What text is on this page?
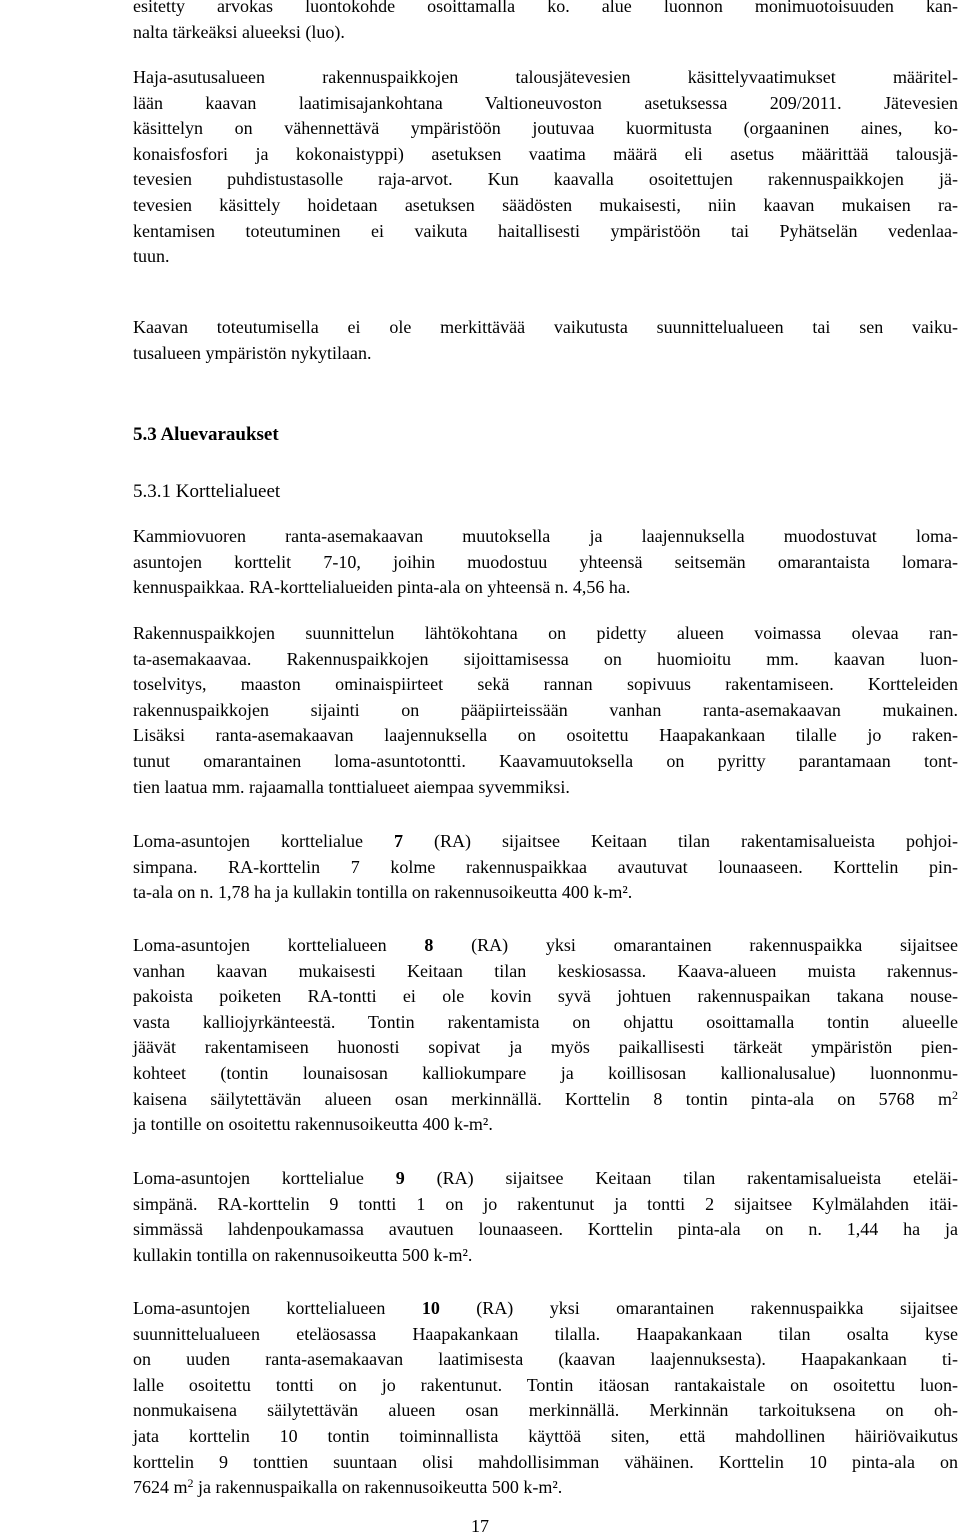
esitetty arvokas luontokohde osoittamalla ko. alue luonnon monimuotoisuuden kan-
nalta tärkeäksi alueeksi (luo).

Haja-asutusalueen rakennuspaikkojen talousjätevesien käsittelyvaatimukset määritel-
lään kaavan laatimisajankohtana Valtioneuvoston asetuksessa 209/2011. Jätevesien
käsittelyn on vähennettävä ympäristöön joutuvaa kuormitusta (orgaaninen aines, ko-
konaisfosfori ja kokonaistyppi) asetuksen vaatima määrä eli asetus määrittää talousjä-
tevesien puhdistustasolle raja-arvot. Kun kaavalla osoitettujen rakennuspaikkojen jä-
tevesien käsittely hoidetaan asetuksen säädösten mukaisesti, niin kaavan mukaisen ra-
kentamisen toteutuminen ei vaikuta haitallisesti ympäristöön tai Pyhätselän vedenlaa-
tuun.

Kaavan toteutumisella ei ole merkittävää vaikutusta suunnittelualueen tai sen vaiku-
tusalueen ympäristön nykytilaan.

5.3 Aluevaraukset
5.3.1 Korttelialueet

Kammiovuoren ranta-asemakaavan muutoksella ja laajennuksella muodostuvat loma-
asuntojen korttelit 7-10, joihin muodostuu yhteensä seitsemän omarantaista lomara-
kennuspaikkaa. RA-korttelialueiden pinta-ala on yhteensä n. 4,56 ha.

Rakennuspaikkojen suunnittelun lähtökohtana on pidetty alueen voimassa olevaa ran-
ta-asemakaavaa. Rakennuspaikkojen sijoittamisessa on huomioitu mm. kaavan luon-
toselvitys, maaston ominaispiirteet sekä rannan sopivuus rakentamiseen. Kortteleiden
rakennuspaikkojen sijainti on pääpiirteissään vanhan ranta-asemakaavan mukainen.
Lisäksi ranta-asemakaavan laajennuksella on osoitettu Haapakankaan tilalle jo raken-
tunut omarantainen loma-asuntotontti. Kaavamuutoksella on pyritty parantamaan tont-
tien laatua mm. rajaamalla tonttialueet aiempaa syvemmiksi.

Loma-asuntojen korttelialue 7 (RA) sijaitsee Keitaan tilan rakentamisalueista pohjoi-
simpana. RA-korttelin 7 kolme rakennuspaikkaa avautuvat lounaaseen. Korttelin pin-
ta-ala on n. 1,78 ha ja kullakin tontilla on rakennusoikeutta 400 k-m².

Loma-asuntojen korttelialueen 8 (RA) yksi omarantainen rakennuspaikka sijaitsee
vanhan kaavan mukaisesti Keitaan tilan keskiosassa. Kaava-alueen muista rakennus-
pakoista poiketen RA-tontti ei ole kovin syvä johtuen rakennuspaikan takana nouse-
vasta kalliojyrkänteestä. Tontin rakentamista on ohjattu osoittamalla tontin alueelle
jäävät rakentamiseen huonosti sopivat ja myös paikallisesti tärkeät ympäristön pien-
kohteet (tontin lounaisosan kalliokumpare ja koillisosan kallionalusalue) luonnonmu-
kaisena säilytettävän alueen osan merkinnällä. Korttelin 8 tontin pinta-ala on 5768 $m^2$
ja tontille on osoitettu rakennusoikeutta 400 k-m².

Loma-asuntojen korttelialue 9 (RA) sijaitsee Keitaan tilan rakentamisalueista eteläi-
simpänä. RA-korttelin 9 tontti 1 on jo rakentunut ja tontti 2 sijaitsee Kylmälahden itäi-
simmässä lahdenpoukamassa avautuen lounaaseen. Korttelin pinta-ala on n. 1,44 ha ja
kullakin tontilla on rakennusoikeutta 500 k-m².

Loma-asuntojen korttelialueen 10 (RA) yksi omarantainen rakennuspaikka sijaitsee
suunnittelualueen eteläosassa Haapakankaan tilalla. Haapakankaan tilan osalta kyse
on uuden ranta-asemakaavan laatimisesta (kaavan laajennuksesta). Haapakankaan ti-
lalle osoitettu tontti on jo rakentunut. Tontin itäosan rantakaistale on osoitettu luon-
nonmukaisena säilytettävän alueen osan merkinnällä. Merkinnän tarkoituksena on oh-
jata korttelin 10 tontin toiminnallista käyttöä siten, että mahdollinen häiriövaikutus
korttelin 9 tonttien suuntaan olisi mahdollisimman vähäinen. Korttelin 10 pinta-ala on
7624 $m^2$ ja rakennuspaikalla on rakennusoikeutta 500 k-m².

17
